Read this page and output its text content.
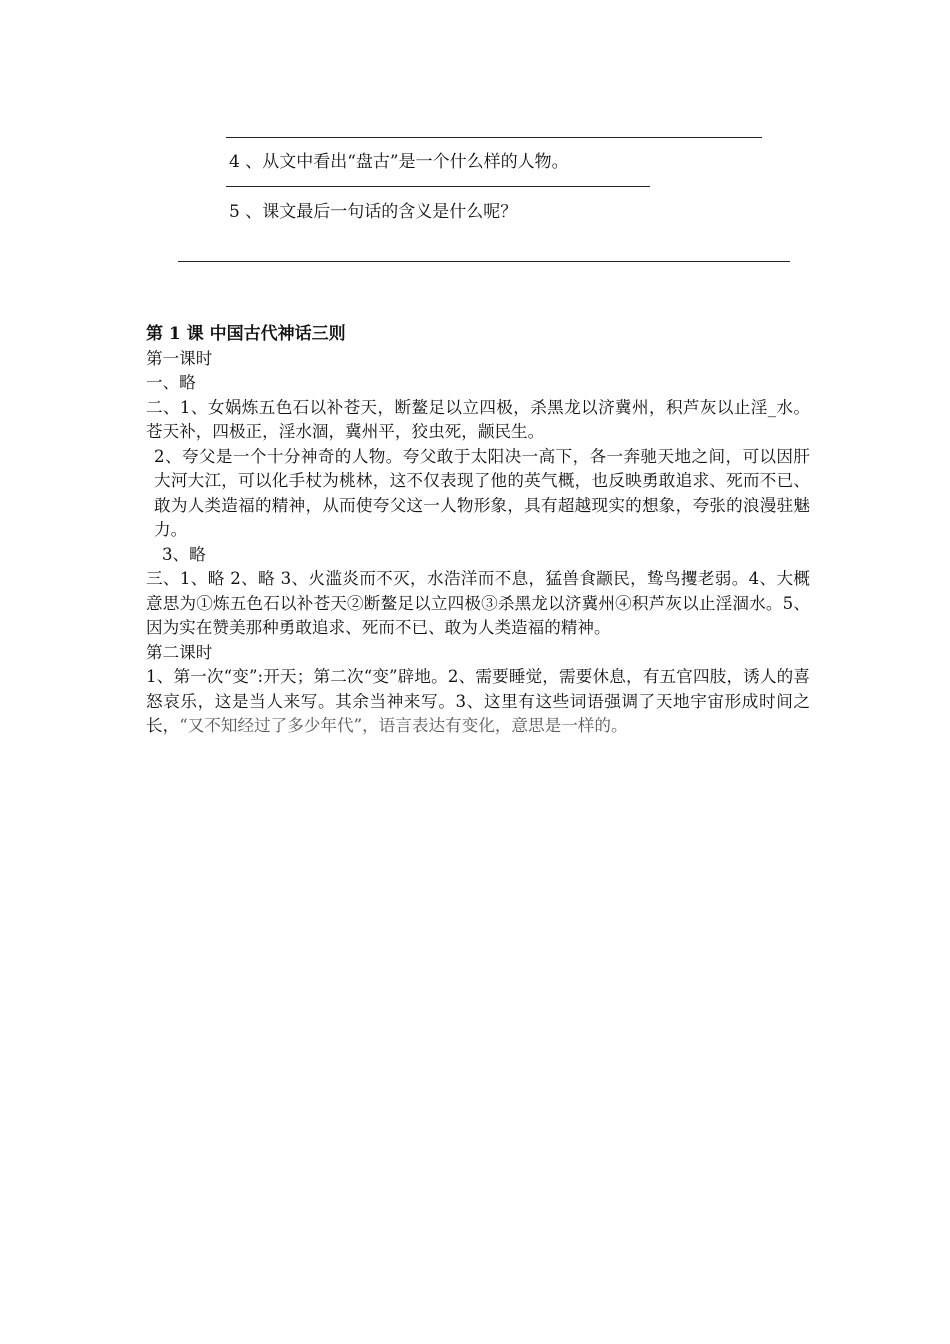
4 、从文中看出“盘古”是一个什么样的人物。
5 、课文最后一句话的含义是什么呢？

第 1 课 中国古代神话三则

第一课时

一、略

二、1、女娲炼五色石以补苍天，断鳌足以立四极，杀黑龙以济冀州，积芦灰以止淫_水。苍天补，四极正，淫水涸，冀州平，狡虫死，颛民生。

2、夸父是一个十分神奇的人物。夸父敢于太阳决一高下，各一奔驰天地之间，可以因肝大河大江，可以化手杖为桃林，这不仅表现了他的英气概，也反映勇敢追求、死而不已、敢为人类造福的精神，从而使夸父这一人物形象，具有超越现实的想象，夸张的浪漫驻魅力。

3、略

三、1、略 2、略 3、火滥炎而不灭，水浩洋而不息，猛兽食颛民，鸷鸟攫老弱。4、大概意思为①炼五色石以补苍天②断鳌足以立四极③杀黑龙以济冀州④积芦灰以止淫涸水。5、因为实在赞美那种勇敢追求、死而不已、敢为人类造福的精神。

第二课时

1、第一次“变”:开天；第二次“变”辟地。2、需要睡觉，需要休息，有五官四肢，诱人的喜怒哀乐，这是当人来写。其余当神来写。3、这里有这些词语强调了天地宇宙形成时间之长，“又不知经过了多少年代”，语言表达有变化，意思是一样的。
